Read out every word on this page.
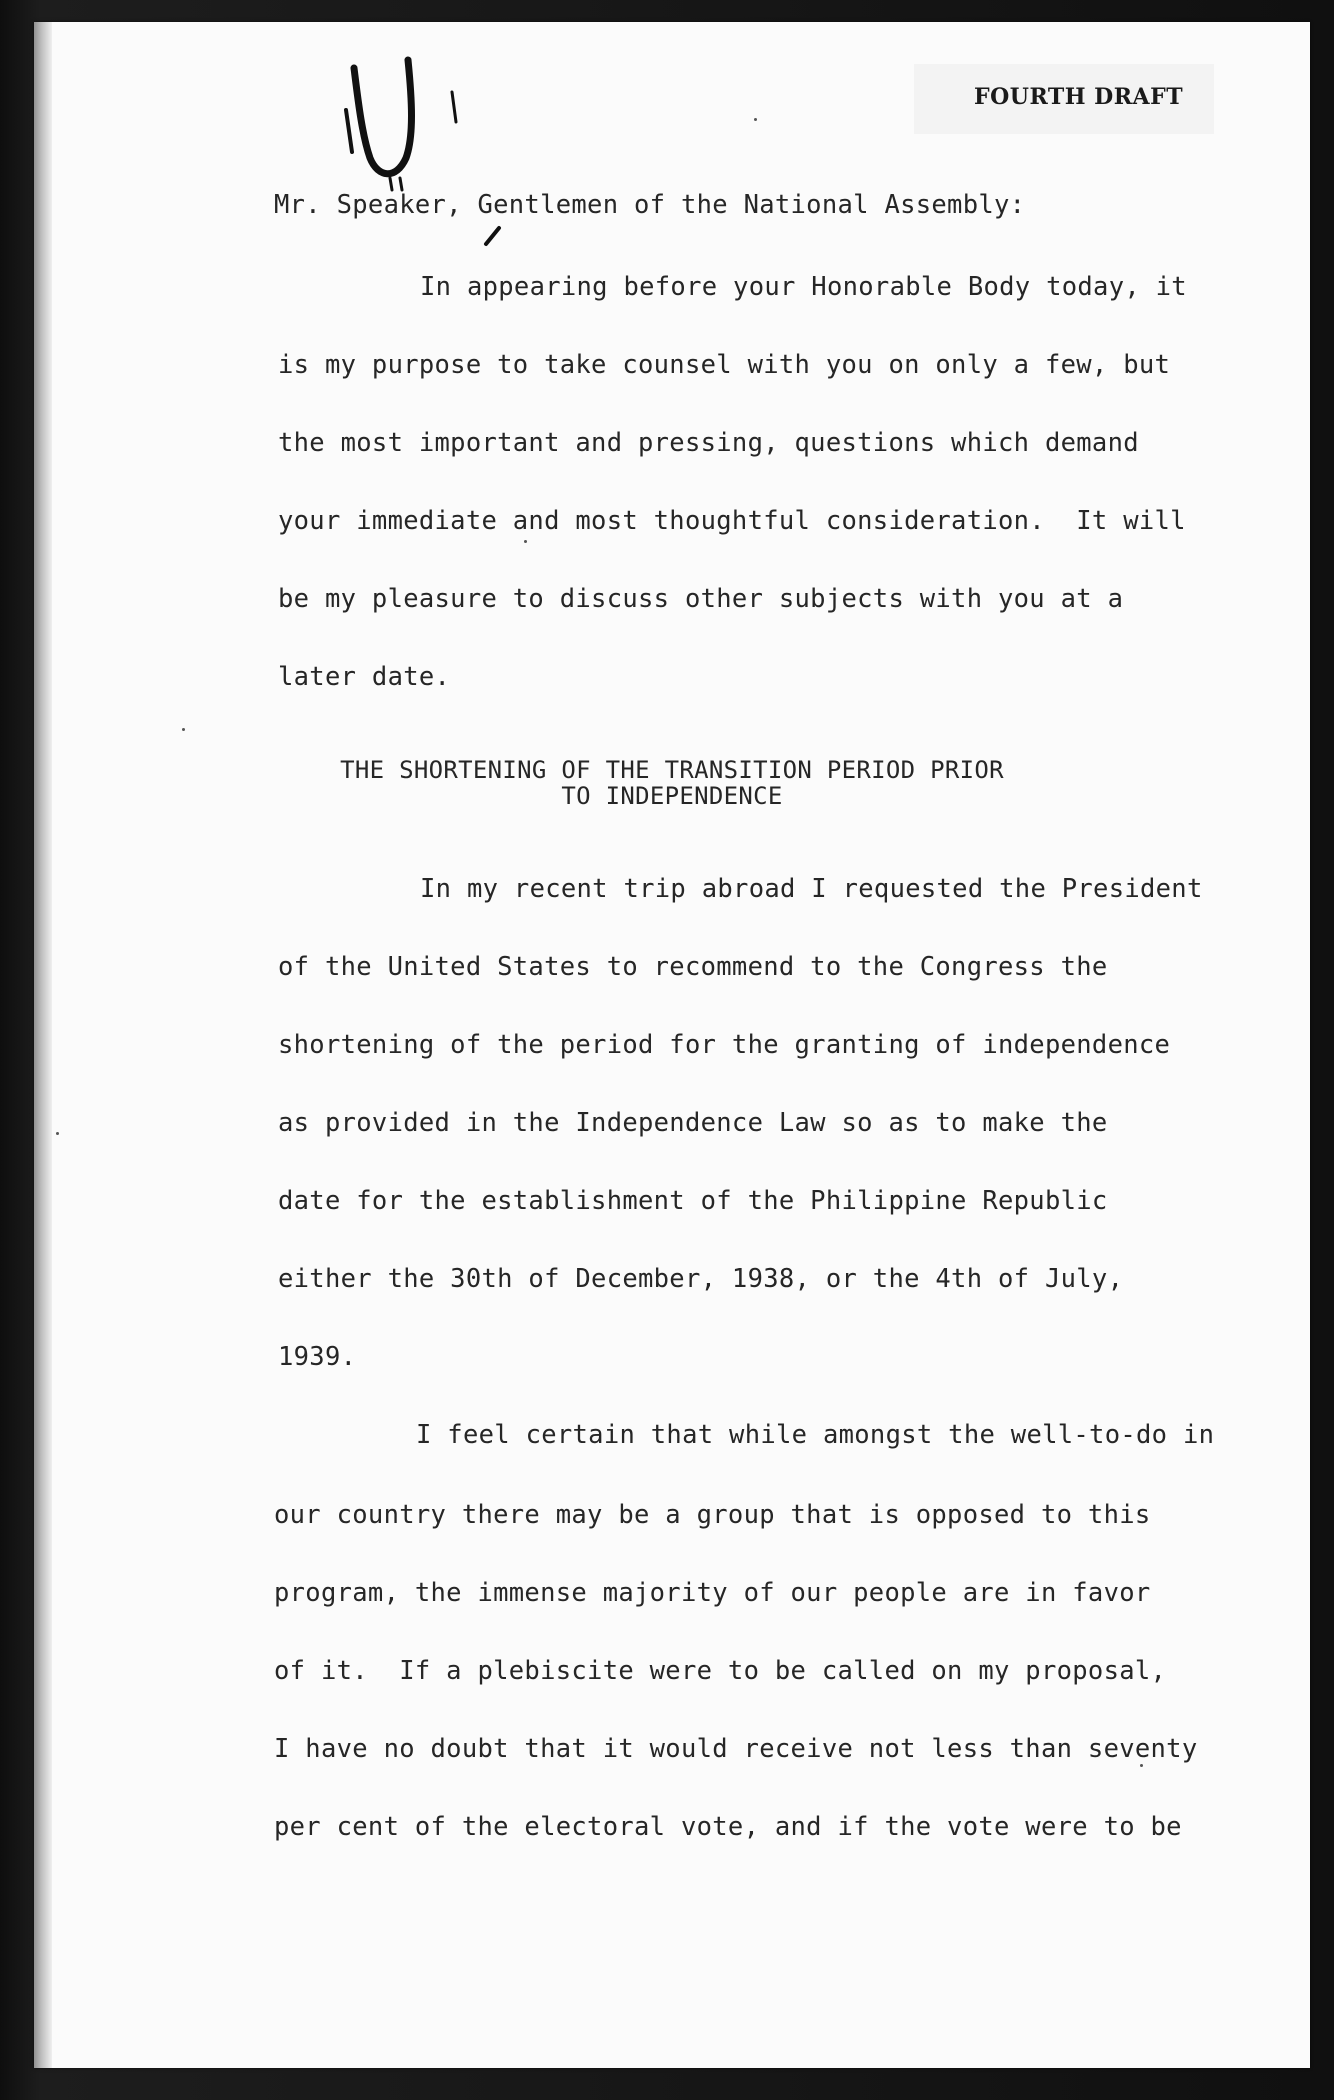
FOURTH DRAFT
Mr. Speaker, Gentlemen of the National Assembly:
In appearing before your Honorable Body today, it
is my purpose to take counsel with you on only a few, but
the most important and pressing, questions which demand
your immediate and most thoughtful consideration.  It will
be my pleasure to discuss other subjects with you at a
later date.
THE SHORTENING OF THE TRANSITION PERIOD PRIOR
TO INDEPENDENCE
In my recent trip abroad I requested the President
of the United States to recommend to the Congress the
shortening of the period for the granting of independence
as provided in the Independence Law so as to make the
date for the establishment of the Philippine Republic
either the 30th of December, 1938, or the 4th of July,
1939.
I feel certain that while amongst the well-to-do in
our country there may be a group that is opposed to this
program, the immense majority of our people are in favor
of it.  If a plebiscite were to be called on my proposal,
I have no doubt that it would receive not less than seventy
per cent of the electoral vote, and if the vote were to be
